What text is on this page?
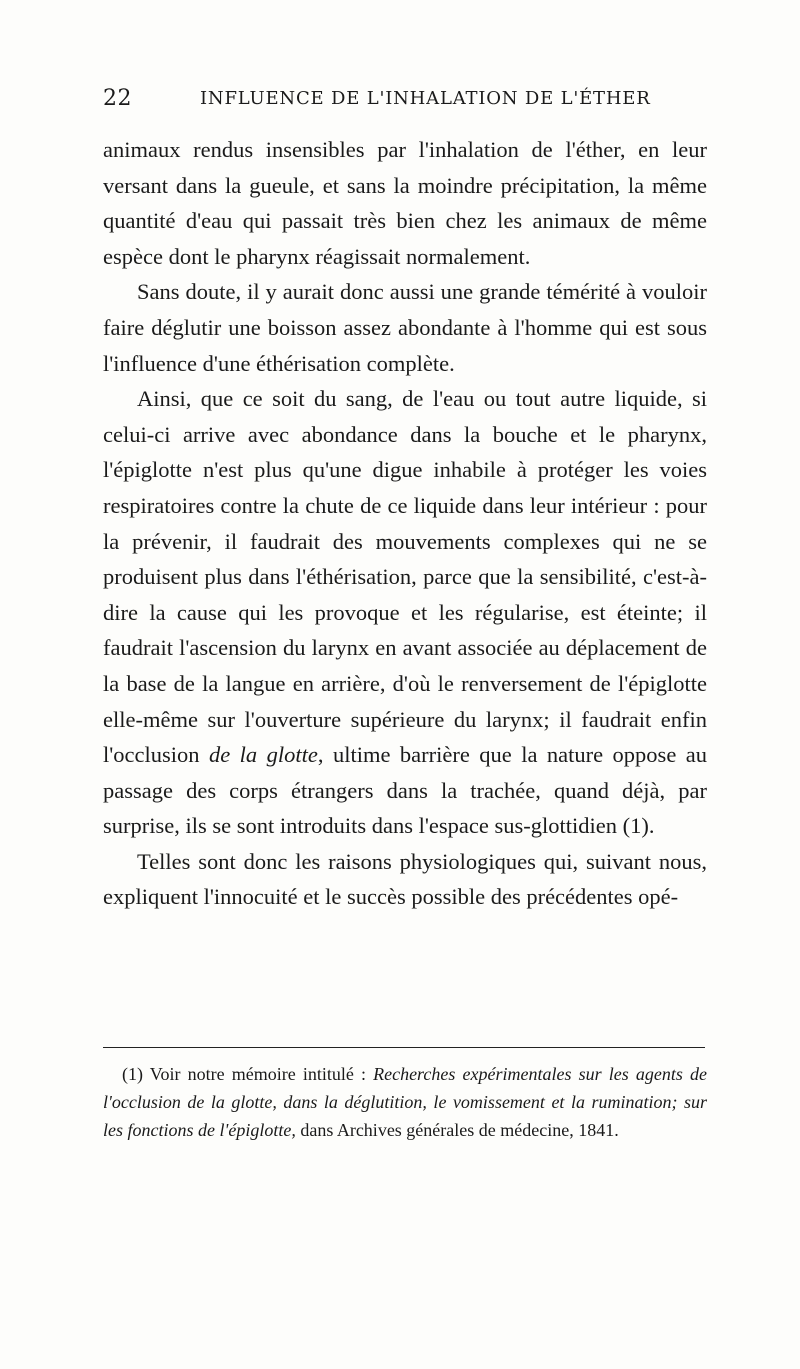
22	INFLUENCE DE L'INHALATION DE L'ÉTHER

animaux rendus insensibles par l'inhalation de l'éther, en leur versant dans la gueule, et sans la moindre précipitation, la même quantité d'eau qui passait très bien chez les animaux de même espèce dont le pharynx réagissait normalement.

Sans doute, il y aurait donc aussi une grande témérité à vouloir faire déglutir une boisson assez abondante à l'homme qui est sous l'influence d'une éthérisation complète.

Ainsi, que ce soit du sang, de l'eau ou tout autre liquide, si celui-ci arrive avec abondance dans la bouche et le pharynx, l'épiglotte n'est plus qu'une digue inhabile à protéger les voies respiratoires contre la chute de ce liquide dans leur intérieur : pour la prévenir, il faudrait des mouvements complexes qui ne se produisent plus dans l'éthérisation, parce que la sensibilité, c'est-à-dire la cause qui les provoque et les régularise, est éteinte; il faudrait l'ascension du larynx en avant associée au déplacement de la base de la langue en arrière, d'où le renversement de l'épiglotte elle-même sur l'ouverture supérieure du larynx; il faudrait enfin l'occlusion de la glotte, ultime barrière que la nature oppose au passage des corps étrangers dans la trachée, quand déjà, par surprise, ils se sont introduits dans l'espace sus-glottidien (1).

Telles sont donc les raisons physiologiques qui, suivant nous, expliquent l'innocuité et le succès possible des précédentes opé-

(1) Voir notre mémoire intitulé : Recherches expérimentales sur les agents de l'occlusion de la glotte, dans la déglutition, le vomissement et la rumination; sur les fonctions de l'épiglotte, dans Archives générales de médecine, 1841.
